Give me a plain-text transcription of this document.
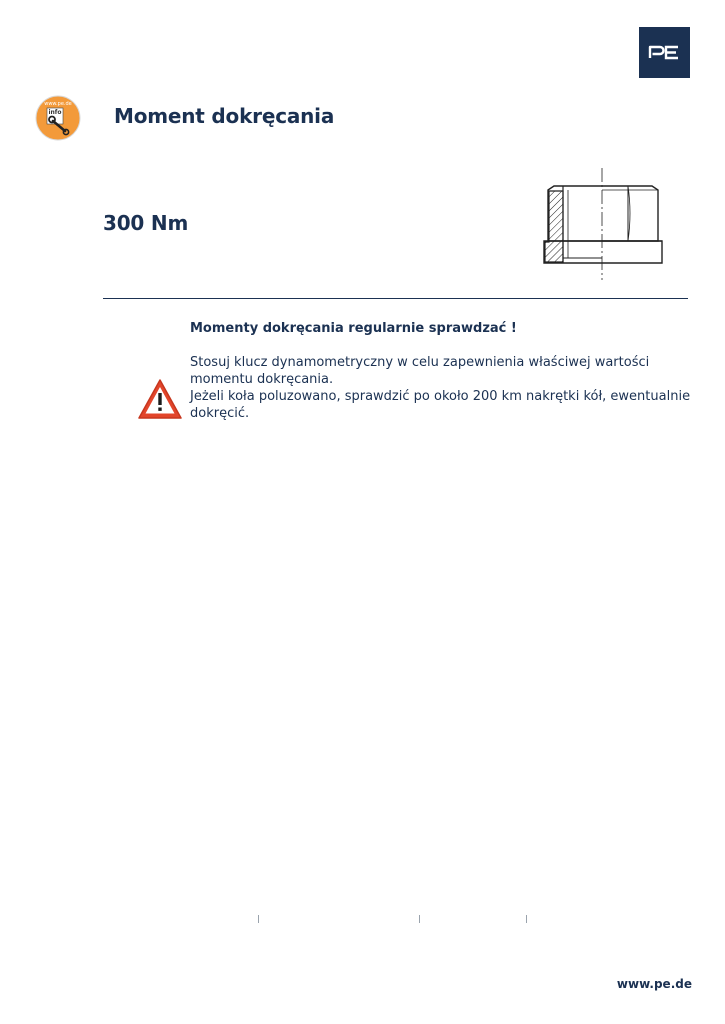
www.pe.de
info	Moment dokręcania
300 Nm

Momenty dokręcania regularnie sprawdzać !

Stosuj klucz dynamometryczny w celu zapewnienia właściwej wartości momentu dokręcania.

Jeżeli koła poluzowano, sprawdzić po około 200 km nakrętki kół, ewentualnie dokręcić.

www.pe.de
